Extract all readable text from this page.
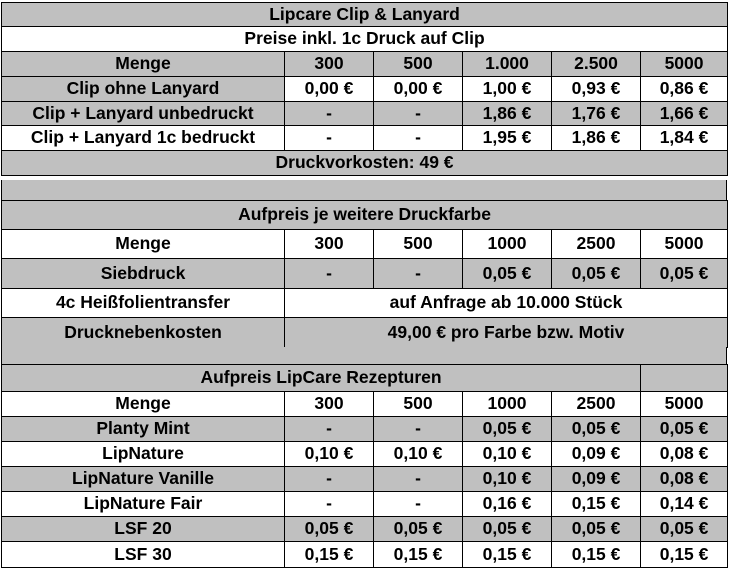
Lipcare Clip & Lanyard					
Preise inkl. 1c Druck auf Clip					
Menge	300	500	1.000	2.500	5000
Clip ohne Lanyard	0,00 €	0,00 €	1,00 €	0,93 €	0,86 €
Clip + Lanyard unbedruckt	-	-	1,86 €	1,76 €	1,66 €
Clip + Lanyard 1c bedruckt	-	-	1,95 €	1,86 €	1,84 €
Druckvorkosten: 49 €					
Aufpreis je weitere Druckfarbe					
Menge	300	500	1000	2500	5000
Siebdruck	-	-	0,05 €	0,05 €	0,05 €
4c Heißfolientransfer	auf Anfrage ab 10.000 Stück				
Drucknebenkosten	49,00 € pro Farbe bzw. Motiv				
Aufpreis LipCare Rezepturen					
Menge	300	500	1000	2500	5000
Planty Mint	-	-	0,05 €	0,05 €	0,05 €
LipNature	0,10 €	0,10 €	0,10 €	0,09 €	0,08 €
LipNature Vanille	-	-	0,10 €	0,09 €	0,08 €
LipNature Fair	-	-	0,16 €	0,15 €	0,14 €
LSF 20	0,05 €	0,05 €	0,05 €	0,05 €	0,05 €
LSF 30	0,15 €	0,15 €	0,15 €	0,15 €	0,15 €
